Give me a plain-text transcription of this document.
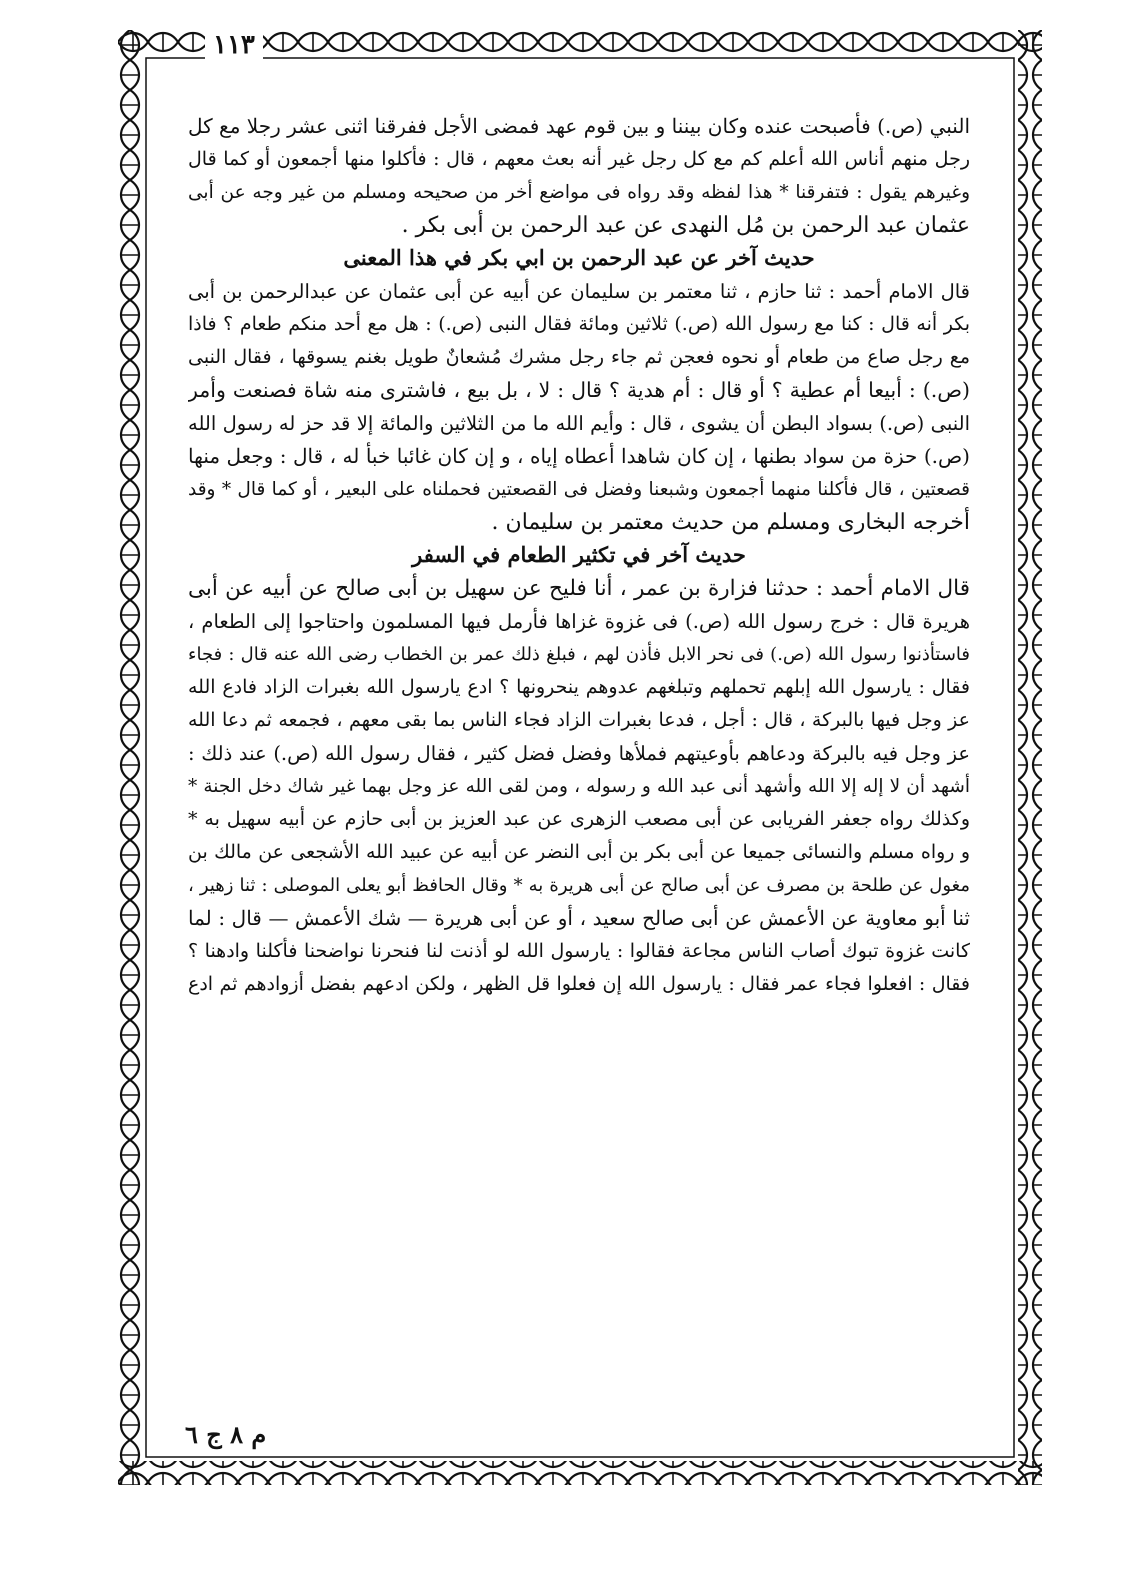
١١٣
النبي (ص.) فأصبحت عنده وكان بيننا و بين قوم عهد فمضى الأجل ففرقنا اثنى عشر رجلا مع كل
رجل منهم أناس الله أعلم كم مع كل رجل غير أنه بعث معهم ، قال : فأكلوا منها أجمعون أو كما قال
وغيرهم يقول : فتفرقنا * هذا لفظه وقد رواه فى مواضع أخر من صحيحه ومسلم من غير وجه عن أبى
عثمان عبد الرحمن بن مُل النهدى عن عبد الرحمن بن أبى بكر .
حديث آخر عن عبد الرحمن بن ابي بكر في هذا المعنى
قال الامام أحمد : ثنا حازم ، ثنا معتمر بن سليمان عن أبيه عن أبى عثمان عن عبدالرحمن بن أبى
بكر أنه قال : كنا مع رسول الله (ص.) ثلاثين ومائة فقال النبى (ص.) : هل مع أحد منكم طعام ؟ فاذا
مع رجل صاع من طعام أو نحوه فعجن ثم جاء رجل مشرك مُشعانٌ طويل بغنم يسوقها ، فقال النبى
(ص.) : أبيعا أم عطية ؟ أو قال : أم هدية ؟ قال : لا ، بل بيع ، فاشترى منه شاة فصنعت وأمر
النبى (ص.) بسواد البطن أن يشوى ، قال : وأيم الله ما من الثلاثين والمائة إلا قد حز له رسول الله
(ص.) حزة من سواد بطنها ، إن كان شاهدا أعطاه إياه ، و إن كان غائبا خبأ له ، قال : وجعل منها
قصعتين ، قال فأكلنا منهما أجمعون وشبعنا وفضل فى القصعتين فحملناه على البعير ، أو كما قال * وقد
أخرجه البخارى ومسلم من حديث معتمر بن سليمان .
حديث آخر في تكثير الطعام في السفر
قال الامام أحمد : حدثنا فزارة بن عمر ، أنا فليح عن سهيل بن أبى صالح عن أبيه عن أبى
هريرة قال : خرج رسول الله (ص.) فى غزوة غزاها فأرمل فيها المسلمون واحتاجوا إلى الطعام ،
فاستأذنوا رسول الله (ص.) فى نحر الابل فأذن لهم ، فبلغ ذلك عمر بن الخطاب رضى الله عنه قال : فجاء
فقال : يارسول الله إبلهم تحملهم وتبلغهم عدوهم ينحرونها ؟ ادع يارسول الله بغبرات الزاد فادع الله
عز وجل فيها بالبركة ، قال : أجل ، فدعا بغبرات الزاد فجاء الناس بما بقى معهم ، فجمعه ثم دعا الله
عز وجل فيه بالبركة ودعاهم بأوعيتهم فملأها وفضل فضل كثير ، فقال رسول الله (ص.) عند ذلك :
أشهد أن لا إله إلا الله وأشهد أنى عبد الله و رسوله ، ومن لقى الله عز وجل بهما غير شاك دخل الجنة *
وكذلك رواه جعفر الفريابى عن أبى مصعب الزهرى عن عبد العزيز بن أبى حازم عن أبيه سهيل به *
و رواه مسلم والنسائى جميعا عن أبى بكر بن أبى النضر عن أبيه عن عبيد الله الأشجعى عن مالك بن
مغول عن طلحة بن مصرف عن أبى صالح عن أبى هريرة به * وقال الحافظ أبو يعلى الموصلى : ثنا زهير ،
ثنا أبو معاوية عن الأعمش عن أبى صالح سعيد ، أو عن أبى هريرة — شك الأعمش — قال : لما
كانت غزوة تبوك أصاب الناس مجاعة فقالوا : يارسول الله لو أذنت لنا فنحرنا نواضحنا فأكلنا وادهنا ؟
فقال : افعلوا فجاء عمر فقال : يارسول الله إن فعلوا قل الظهر ، ولكن ادعهم بفضل أزوادهم ثم ادع
م ٨ ج ٦
